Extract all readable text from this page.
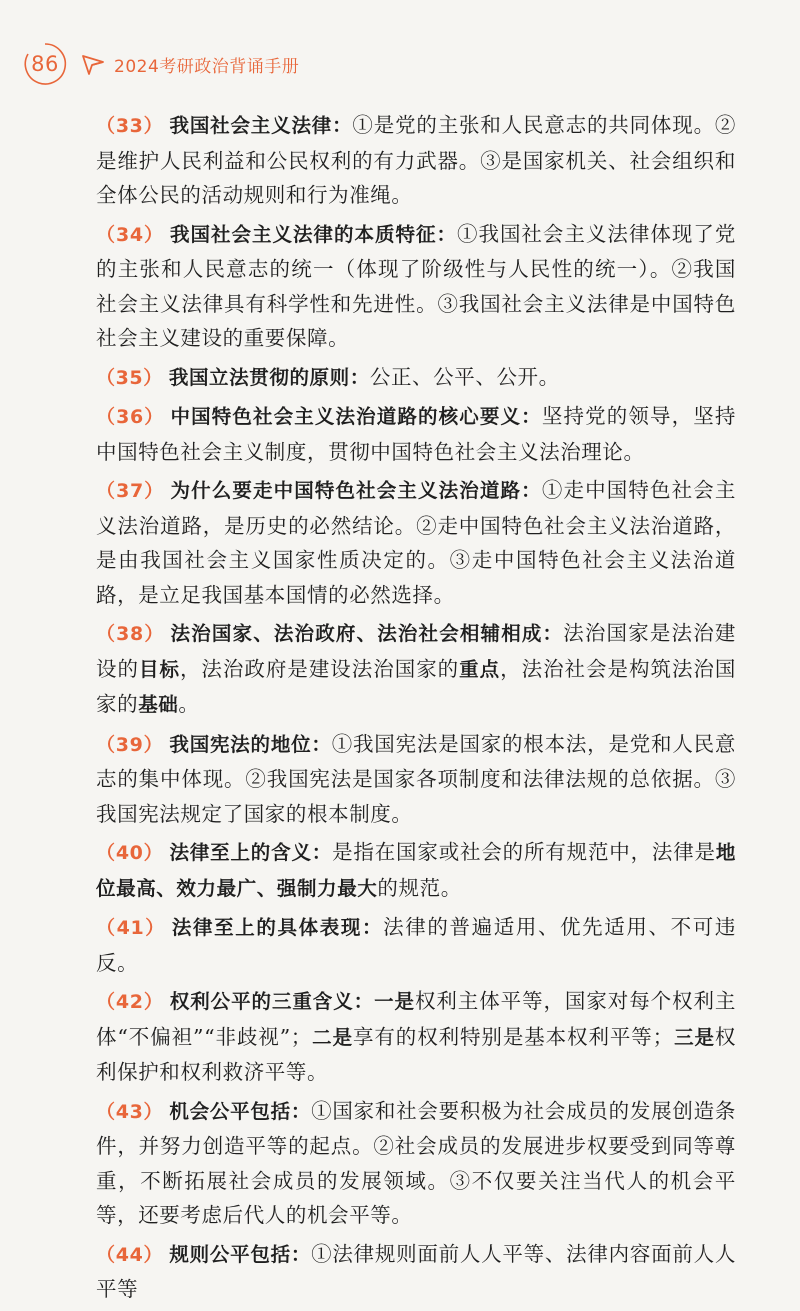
86	2024考研政治背诵手册

（33） 我国社会主义法律：①是党的主张和人民意志的共同体现。②是维护人民利益和公民权利的有力武器。③是国家机关、社会组织和全体公民的活动规则和行为准绳。

（34） 我国社会主义法律的本质特征：①我国社会主义法律体现了党的主张和人民意志的统一（体现了阶级性与人民性的统一）。②我国社会主义法律具有科学性和先进性。③我国社会主义法律是中国特色社会主义建设的重要保障。

（35） 我国立法贯彻的原则：公正、公平、公开。

（36） 中国特色社会主义法治道路的核心要义：坚持党的领导，坚持中国特色社会主义制度，贯彻中国特色社会主义法治理论。

（37） 为什么要走中国特色社会主义法治道路：①走中国特色社会主义法治道路，是历史的必然结论。②走中国特色社会主义法治道路，是由我国社会主义国家性质决定的。③走中国特色社会主义法治道路，是立足我国基本国情的必然选择。

（38） 法治国家、法治政府、法治社会相辅相成：法治国家是法治建设的目标，法治政府是建设法治国家的重点，法治社会是构筑法治国家的基础。

（39） 我国宪法的地位：①我国宪法是国家的根本法，是党和人民意志的集中体现。②我国宪法是国家各项制度和法律法规的总依据。③我国宪法规定了国家的根本制度。

（40） 法律至上的含义：是指在国家或社会的所有规范中，法律是地位最高、效力最广、强制力最大的规范。

（41） 法律至上的具体表现：法律的普遍适用、优先适用、不可违反。

（42） 权利公平的三重含义：一是权利主体平等，国家对每个权利主体“不偏袒”“非歧视”；二是享有的权利特别是基本权利平等；三是权利保护和权利救济平等。

（43） 机会公平包括：①国家和社会要积极为社会成员的发展创造条件，并努力创造平等的起点。②社会成员的发展进步权要受到同等尊重，不断拓展社会成员的发展领域。③不仅要关注当代人的机会平等，还要考虑后代人的机会平等。

（44） 规则公平包括：①法律规则面前人人平等、法律内容面前人人平等
